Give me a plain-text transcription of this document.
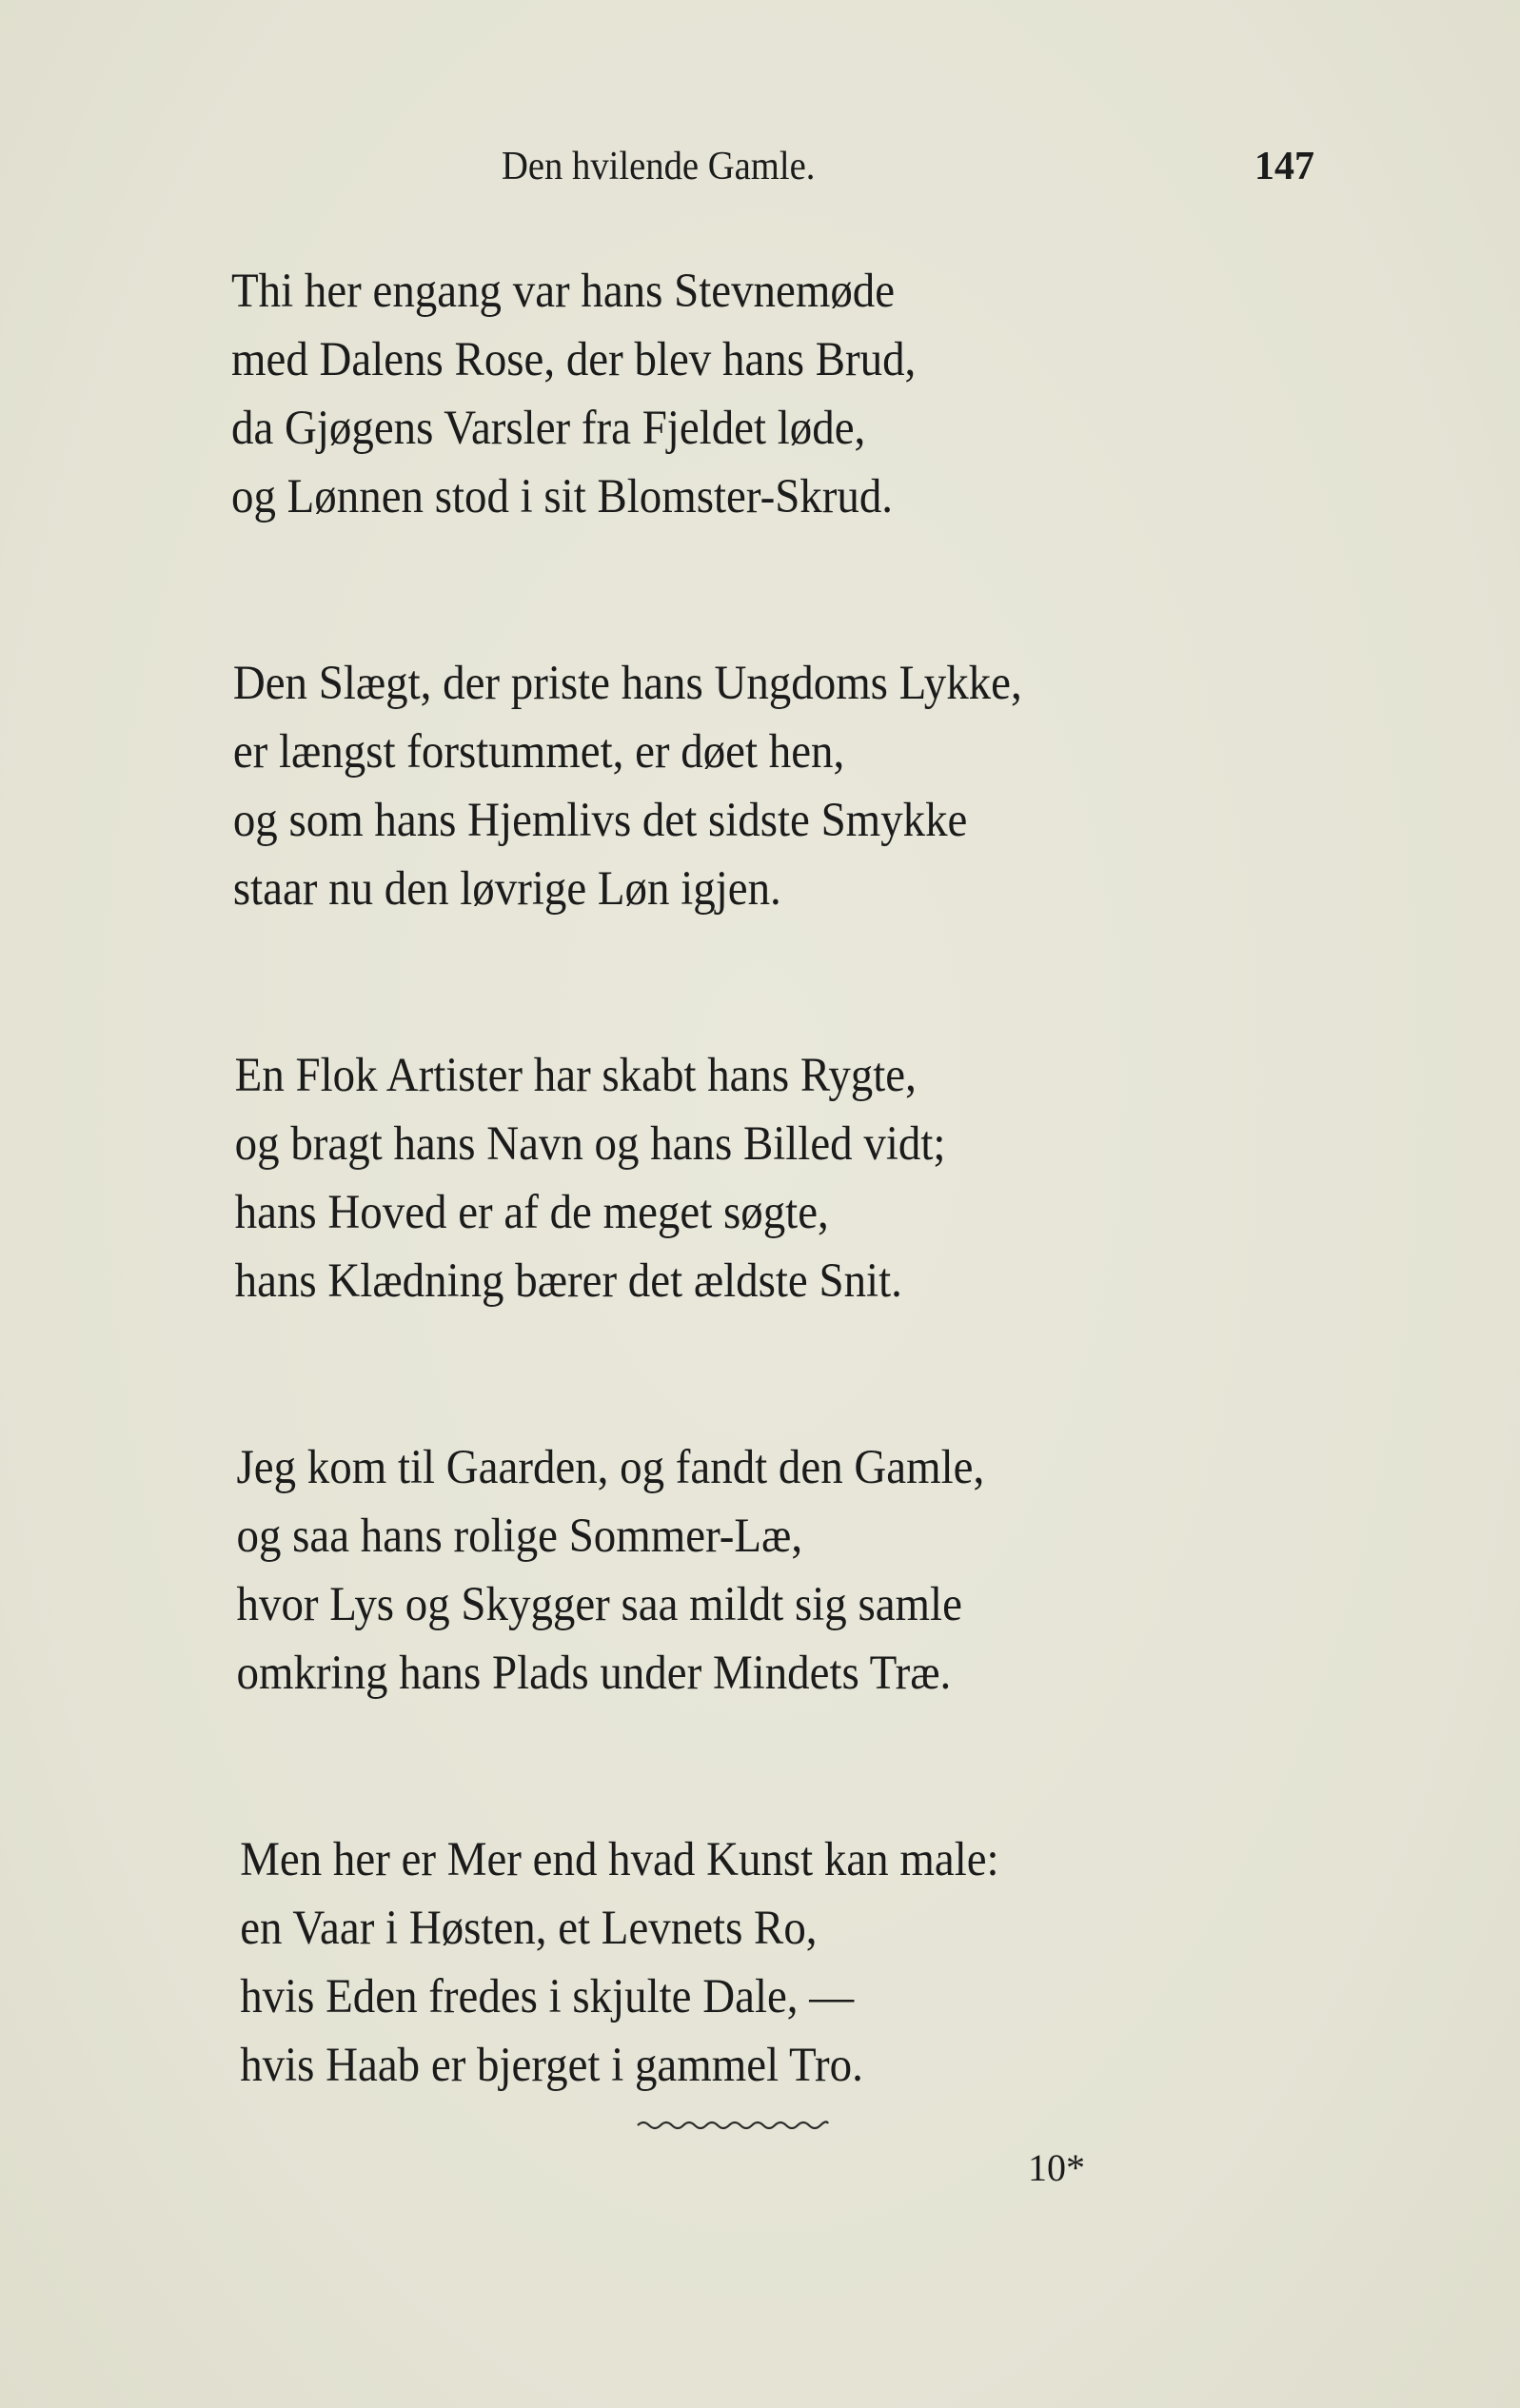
Den hvilende Gamle.	147
Thi her engang var hans Stevnemøde
med Dalens Rose, der blev hans Brud,
da Gjøgens Varsler fra Fjeldet løde,
og Lønnen stod i sit Blomster-Skrud.
Den Slægt, der priste hans Ungdoms Lykke,
er længst forstummet, er døet hen,
og som hans Hjemlivs det sidste Smykke
staar nu den løvrige Løn igjen.
En Flok Artister har skabt hans Rygte,
og bragt hans Navn og hans Billed vidt;
hans Hoved er af de meget søgte,
hans Klædning bærer det ældste Snit.
Jeg kom til Gaarden, og fandt den Gamle,
og saa hans rolige Sommer-Læ,
hvor Lys og Skygger saa mildt sig samle
omkring hans Plads under Mindets Træ.
Men her er Mer end hvad Kunst kan male:
en Vaar i Høsten, et Levnets Ro,
hvis Eden fredes i skjulte Dale, —
hvis Haab er bjerget i gammel Tro.
10*
